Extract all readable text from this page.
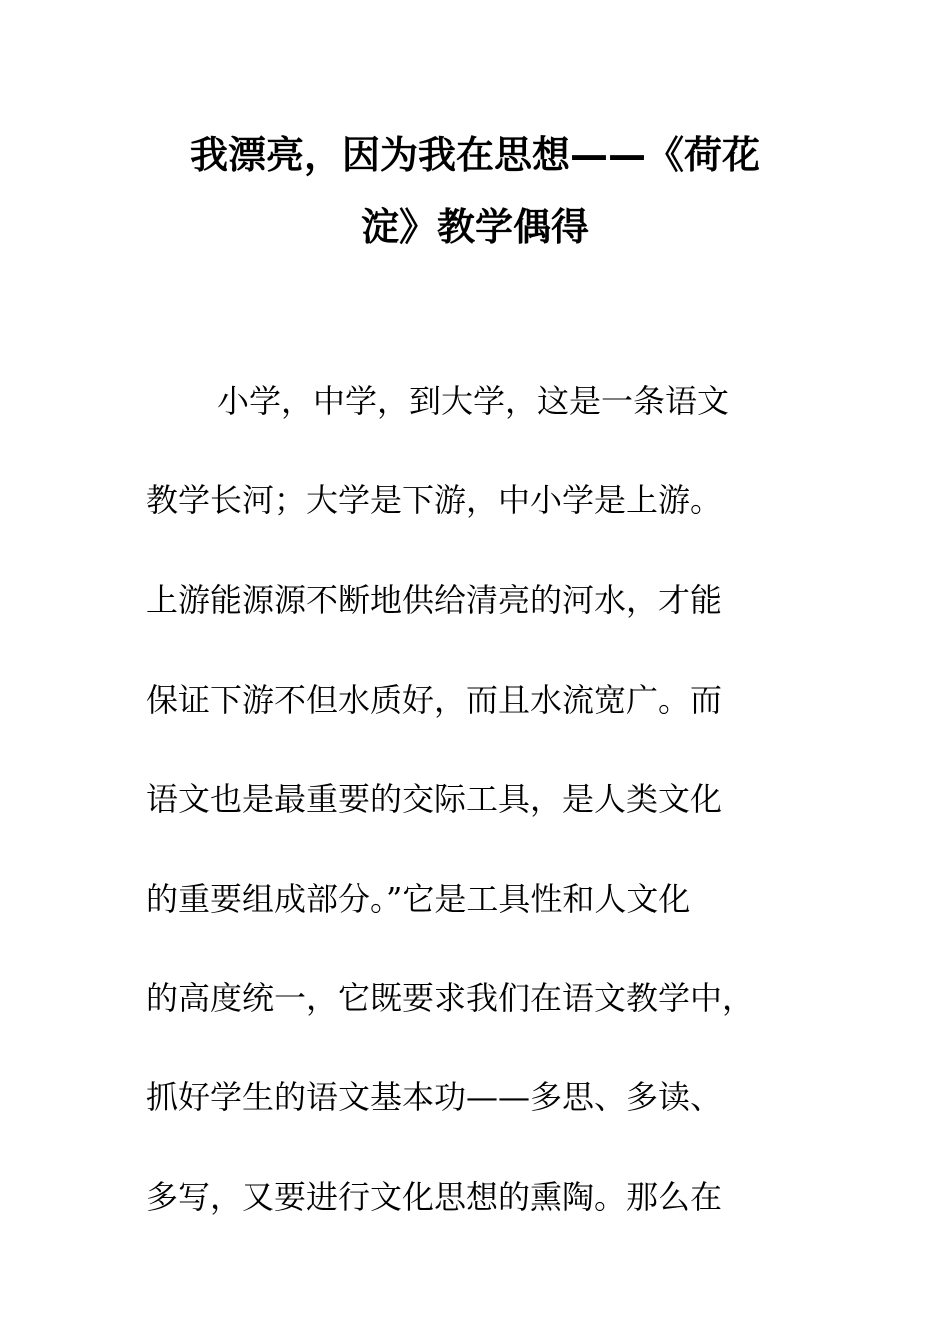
我漂亮，因为我在思想——《荷花
淀》教学偶得
小学，中学，到大学，这是一条语文
教学长河；大学是下游，中小学是上游。
上游能源源不断地供给清亮的河水，才能
保证下游不但水质好，而且水流宽广。而
语文也是最重要的交际工具，是人类文化
的重要组成部分。”它是工具性和人文化
的高度统一，它既要求我们在语文教学中，
抓好学生的语文基本功——多思、多读、
多写，又要进行文化思想的熏陶。那么在
